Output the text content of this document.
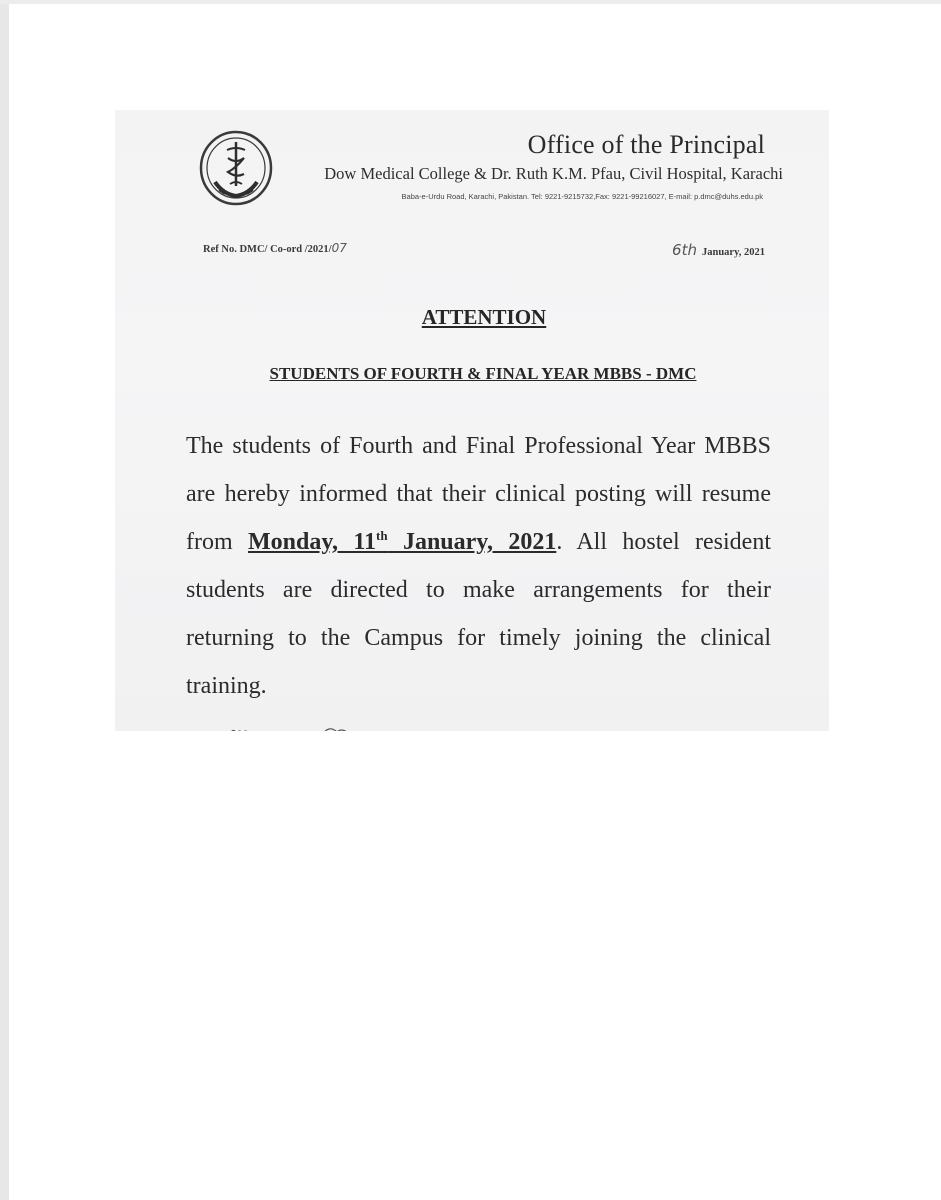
Office of the Principal
Dow Medical College & Dr. Ruth K.M. Pfau, Civil Hospital, Karachi
Baba-e-Urdu Road, Karachi, Pakistan. Tel: 9221-9215732,Fax: 9221-99216027, E-mail: p.dmc@duhs.edu.pk
Ref No. DMC/ Co-ord /2021/07	6th January, 2021
ATTENTION
STUDENTS OF FOURTH & FINAL YEAR MBBS - DMC
The students of Fourth and Final Professional Year MBBS are hereby informed that their clinical posting will resume from Monday, 11th January, 2021. All hostel resident students are directed to make arrangements for their returning to the Campus for timely joining the clinical training.
